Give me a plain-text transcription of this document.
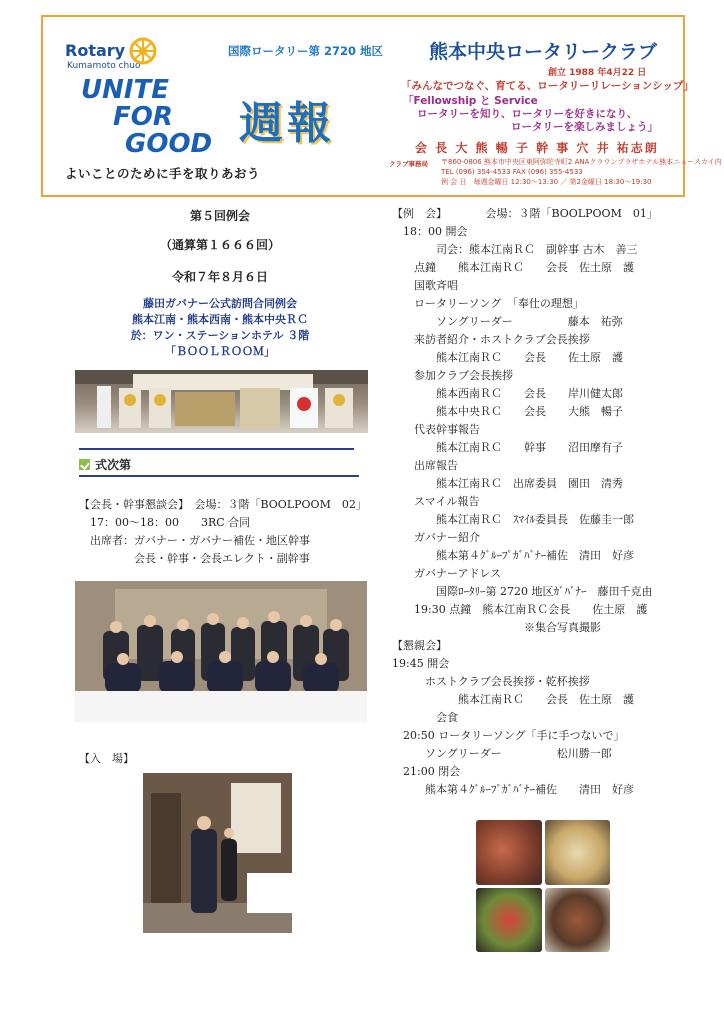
Rotary
Kumamoto chuo
UNITE
FOR
GOOD
よいことのために手を取りあおう
国際ロータリー第 2720 地区
週報
熊本中央ロータリークラブ
創立 1988 年4月22 日
「みんなでつなぐ、育てる、ロータリーリレーションシップ」
「Fellowship と Service
ロータリーを知り、ロータリーを好きになり、
ロータリーを楽しみましょう」
会 長 大 熊 暢 子 幹 事 穴 井 祐志朗
クラブ事務局 〒860-0806 熊本市中央区東阿弥陀寺町2 ANAクラウンプラザホテル熊本ニュースカイ内
TEL (096) 354-4533 FAX (096) 355-4533
例 会 日　毎週金曜日 12:30～13:30 ／ 第2金曜日 18:30～19:30
第５回例会
（通算第１６６６回）
令和７年８月６日
藤田ガバナー公式訪問合同例会
熊本江南・熊本西南・熊本中央ＲＣ
於：ワン・ステーションホテル ３階
「ＢＯＯＬＲＯＯＭ」
式次第
【会長・幹事懇談会】　会場：３階「BOOLPOOM　02」
　17：00～18：00　　3RC 合同
　出席者：ガバナー・ガバナー補佐・地区幹事
　　　　　会長・幹事・会長エレクト・副幹事
【入　場】
【例　会】　　　　会場：３階「BOOLPOOM　01」
　18：00 開会
　　　　司会：熊本江南ＲＣ　副幹事 古木　善三
　　点鐘　　熊本江南ＲＣ　　会長　佐土原　護
　　国歌斉唱
　　ロータリーソング　「奉仕の理想」
　　　　ソングリーダー　　　　　藤本　祐弥
　　来訪者紹介・ホストクラブ会長挨拶
　　　　熊本江南ＲＣ　　会長　　佐土原　護
　　参加クラブ会長挨拶
　　　　熊本西南ＲＣ　　会長　　岸川健太郎
　　　　熊本中央ＲＣ　　会長　　大熊　暢子
　　代表幹事報告
　　　　熊本江南ＲＣ　　幹事　　沼田摩有子
　　出席報告
　　　　熊本江南ＲＣ　出席委員　園田　清秀
　　スマイル報告
　　　　熊本江南ＲＣ　ｽﾏｲﾙ委員長　佐藤圭一郎
　　ガバナー紹介
　　　　熊本第４ｸﾞﾙｰﾌﾟｶﾞﾊﾞﾅｰ補佐　清田　好彦
　　ガバナーアドレス
　　　　国際ﾛｰﾀﾘｰ第 2720 地区ｶﾞﾊﾞﾅｰ　藤田千克由
　　19:30 点鐘　熊本江南ＲＣ会長　　佐土原　護
　　　　　　　　　　　　※集合写真撮影
【懇親会】
19:45 開会
　　　ホストクラブ会長挨拶・乾杯挨拶
　　　　　　熊本江南ＲＣ　　会長　佐土原　護
　　　　会食
　20:50 ロータリーソング「手に手つないで」
　　　ソングリーダー　　　　　松川勝一郎
　21:00 閉会
　　　熊本第４ｸﾞﾙｰﾌﾟｶﾞﾊﾞﾅｰ補佐　　清田　好彦
